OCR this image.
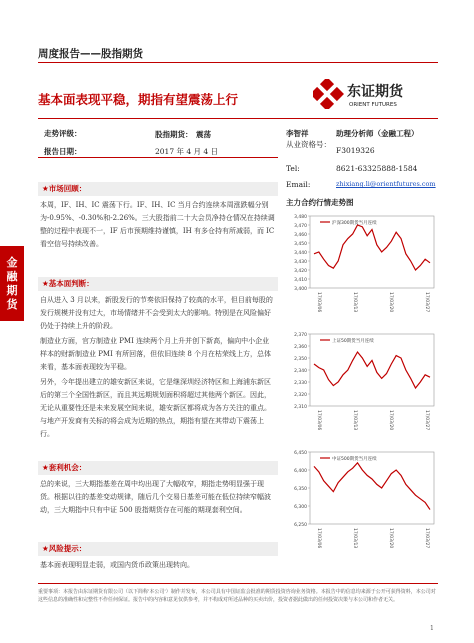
周度报告——股指期货
金
融
期
货
基本面表现平稳，期指有望震荡上行	东证期货
ORIENT FUTURES
走势评级：	股指期货： 震荡
报告日期：	2017 年 4 月 4 日
李智祥	助理分析师（金融工程）
从业资格号：
F3019326
Tel:	8621-63325888-1584
Email:	zhixiang.li@orientfutures.com
主力合约行情走势图
★市场回顾：
本周，IF、IH、IC 震荡下行。IF、IH、IC 当月合约连续本周涨跌幅分别为-0.95%、-0.30%和-2.26%。三大股指前二十大会员净持仓情况在持续调整的过程中表现不一，IF 后市预期维持谨慎，IH 有多仓持有所减弱，而 IC 看空信号持续改善。
★基本面判断：
自从进入 3 月以来，新股发行的节奏依旧保持了较高的水平，但目前每股的发行规模并没有过大，市场情绪并不会受到太大的影响。特别是在风险偏好仍处于持续上升的阶段。
制造业方面，官方制造业 PMI 连续两个月上升并创下新高，偏向中小企业样本的财新制造业 PMI 有所回落，但依旧连续 8 个月在枯荣线上方，总体来看，基本面表现较为平稳。
另外，今年提出建立的雄安新区来说，它是继深圳经济特区和上海浦东新区后的第三个全国性新区，而且其远期规划面积将超过其他两个新区。因此，无论从重要性还是未来发展空间来说，雄安新区都将成为各方关注的重点。与地产开发商有关标的将会成为近期的热点，期指有望在其带动下震荡上行。
★套利机会：
总的来说，三大期指基差在周中均出现了大幅收窄，期指走势明显强于现货。根据以往的基差变动规律，随后几个交易日基差可能在低位持续窄幅波动，三大期指中只有中证 500 股指期货存在可能的期现套利空间。
★风险提示：
基本面表现明显走弱，或国内货币政策出现转向。
3,480
3,470
3,460
3,450
3,440
3,430
3,420
3,410
3,400
17/03/06	17/03/13	17/03/20	17/03/27
沪深300期货当月连续
2,370
2,360
2,350
2,340
2,330
2,320
2,310
17/03/06	17/03/13	17/03/20	17/03/27
上证50期货当月连续
6,450
6,400
6,350
6,300
6,250
17/03/06	17/03/13	17/03/20	17/03/27
中证500期货当月连续
重要事项：本报告由东证期货有限公司（以下简称'本公司'）制作并发布，本公司具有中国证监会批准的期货投资咨询业务资格。本报告中的信息均来源于公开可获得资料，本公司对这些信息的准确性和完整性不作任何保证。报告中的内容和意见仅供参考，并不构成对所述品种的买卖出价，投资者据此做出的任何投资决策与本公司和作者无关。
1
